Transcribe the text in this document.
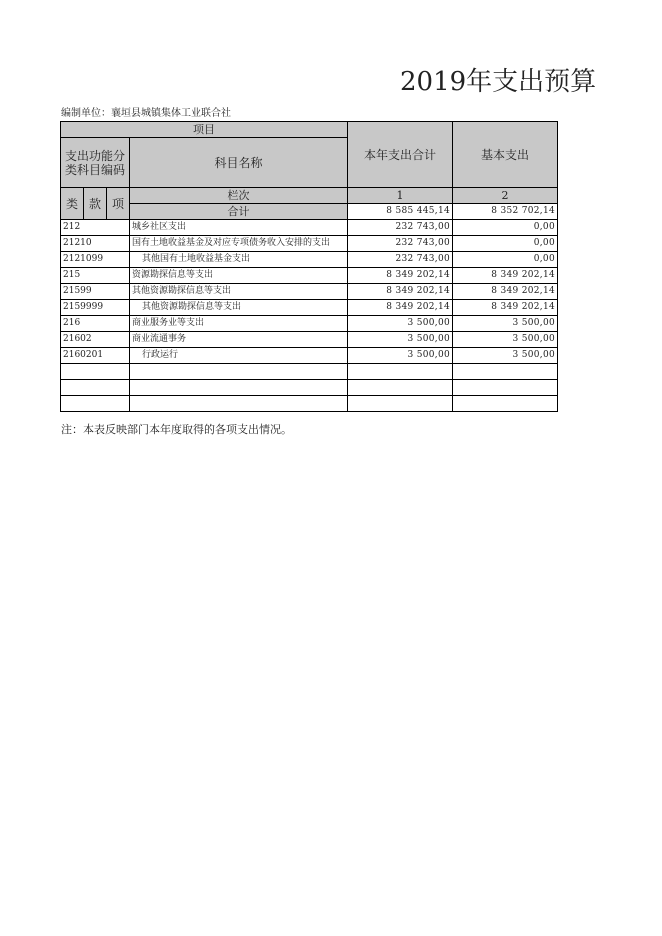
2019年支出预算
编制单位：襄垣县城镇集体工业联合社
项目				本年支出合计	基本支出
支出功能分类科目编码			科目名称		

类	款	项	栏次	1	2
			合计	8 585 445,14	8 352 702,14
212			城乡社区支出	232 743,00	0,00
21210			国有土地收益基金及对应专项债务收入安排的支出	232 743,00	0,00
2121099			其他国有土地收益基金支出	232 743,00	0,00
215			资源勘探信息等支出	8 349 202,14	8 349 202,14
21599			其他资源勘探信息等支出	8 349 202,14	8 349 202,14
2159999			其他资源勘探信息等支出	8 349 202,14	8 349 202,14
216			商业服务业等支出	3 500,00	3 500,00
21602			商业流通事务	3 500,00	3 500,00
2160201			行政运行	3 500,00	3 500,00

注：本表反映部门本年度取得的各项支出情况。
